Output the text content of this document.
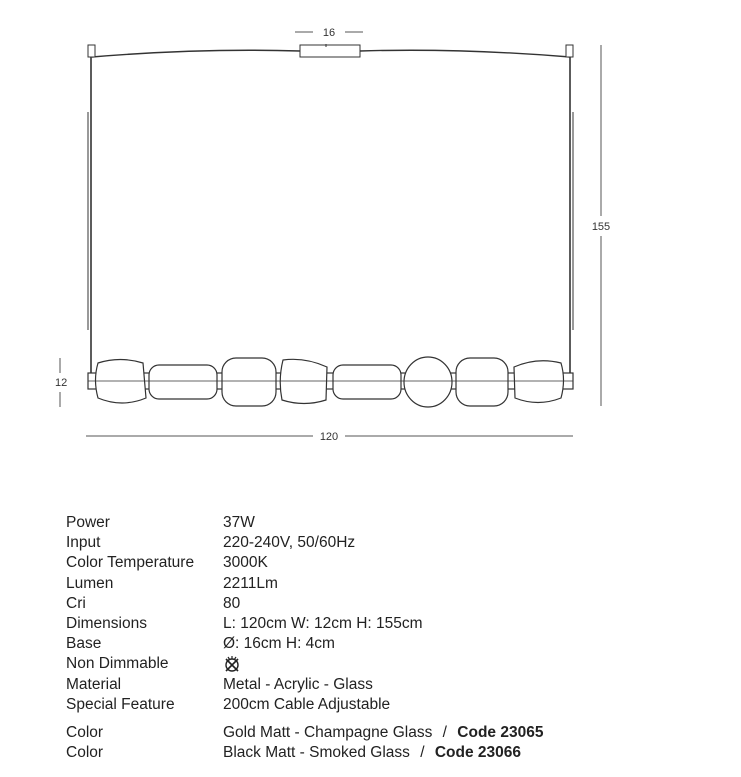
16
155
12
120
Power	37W
Input	220-240V, 50/60Hz
Color Temperature	3000K
Lumen	2211Lm
Cri	80
Dimensions	L: 120cm W: 12cm H: 155cm
Base	Ø: 16cm H: 4cm
Non Dimmable
Material	Metal - Acrylic - Glass
Special Feature	200cm Cable Adjustable
Color	Gold Matt - Champagne Glass / Code 23065
Color	Black Matt - Smoked Glass / Code 23066
